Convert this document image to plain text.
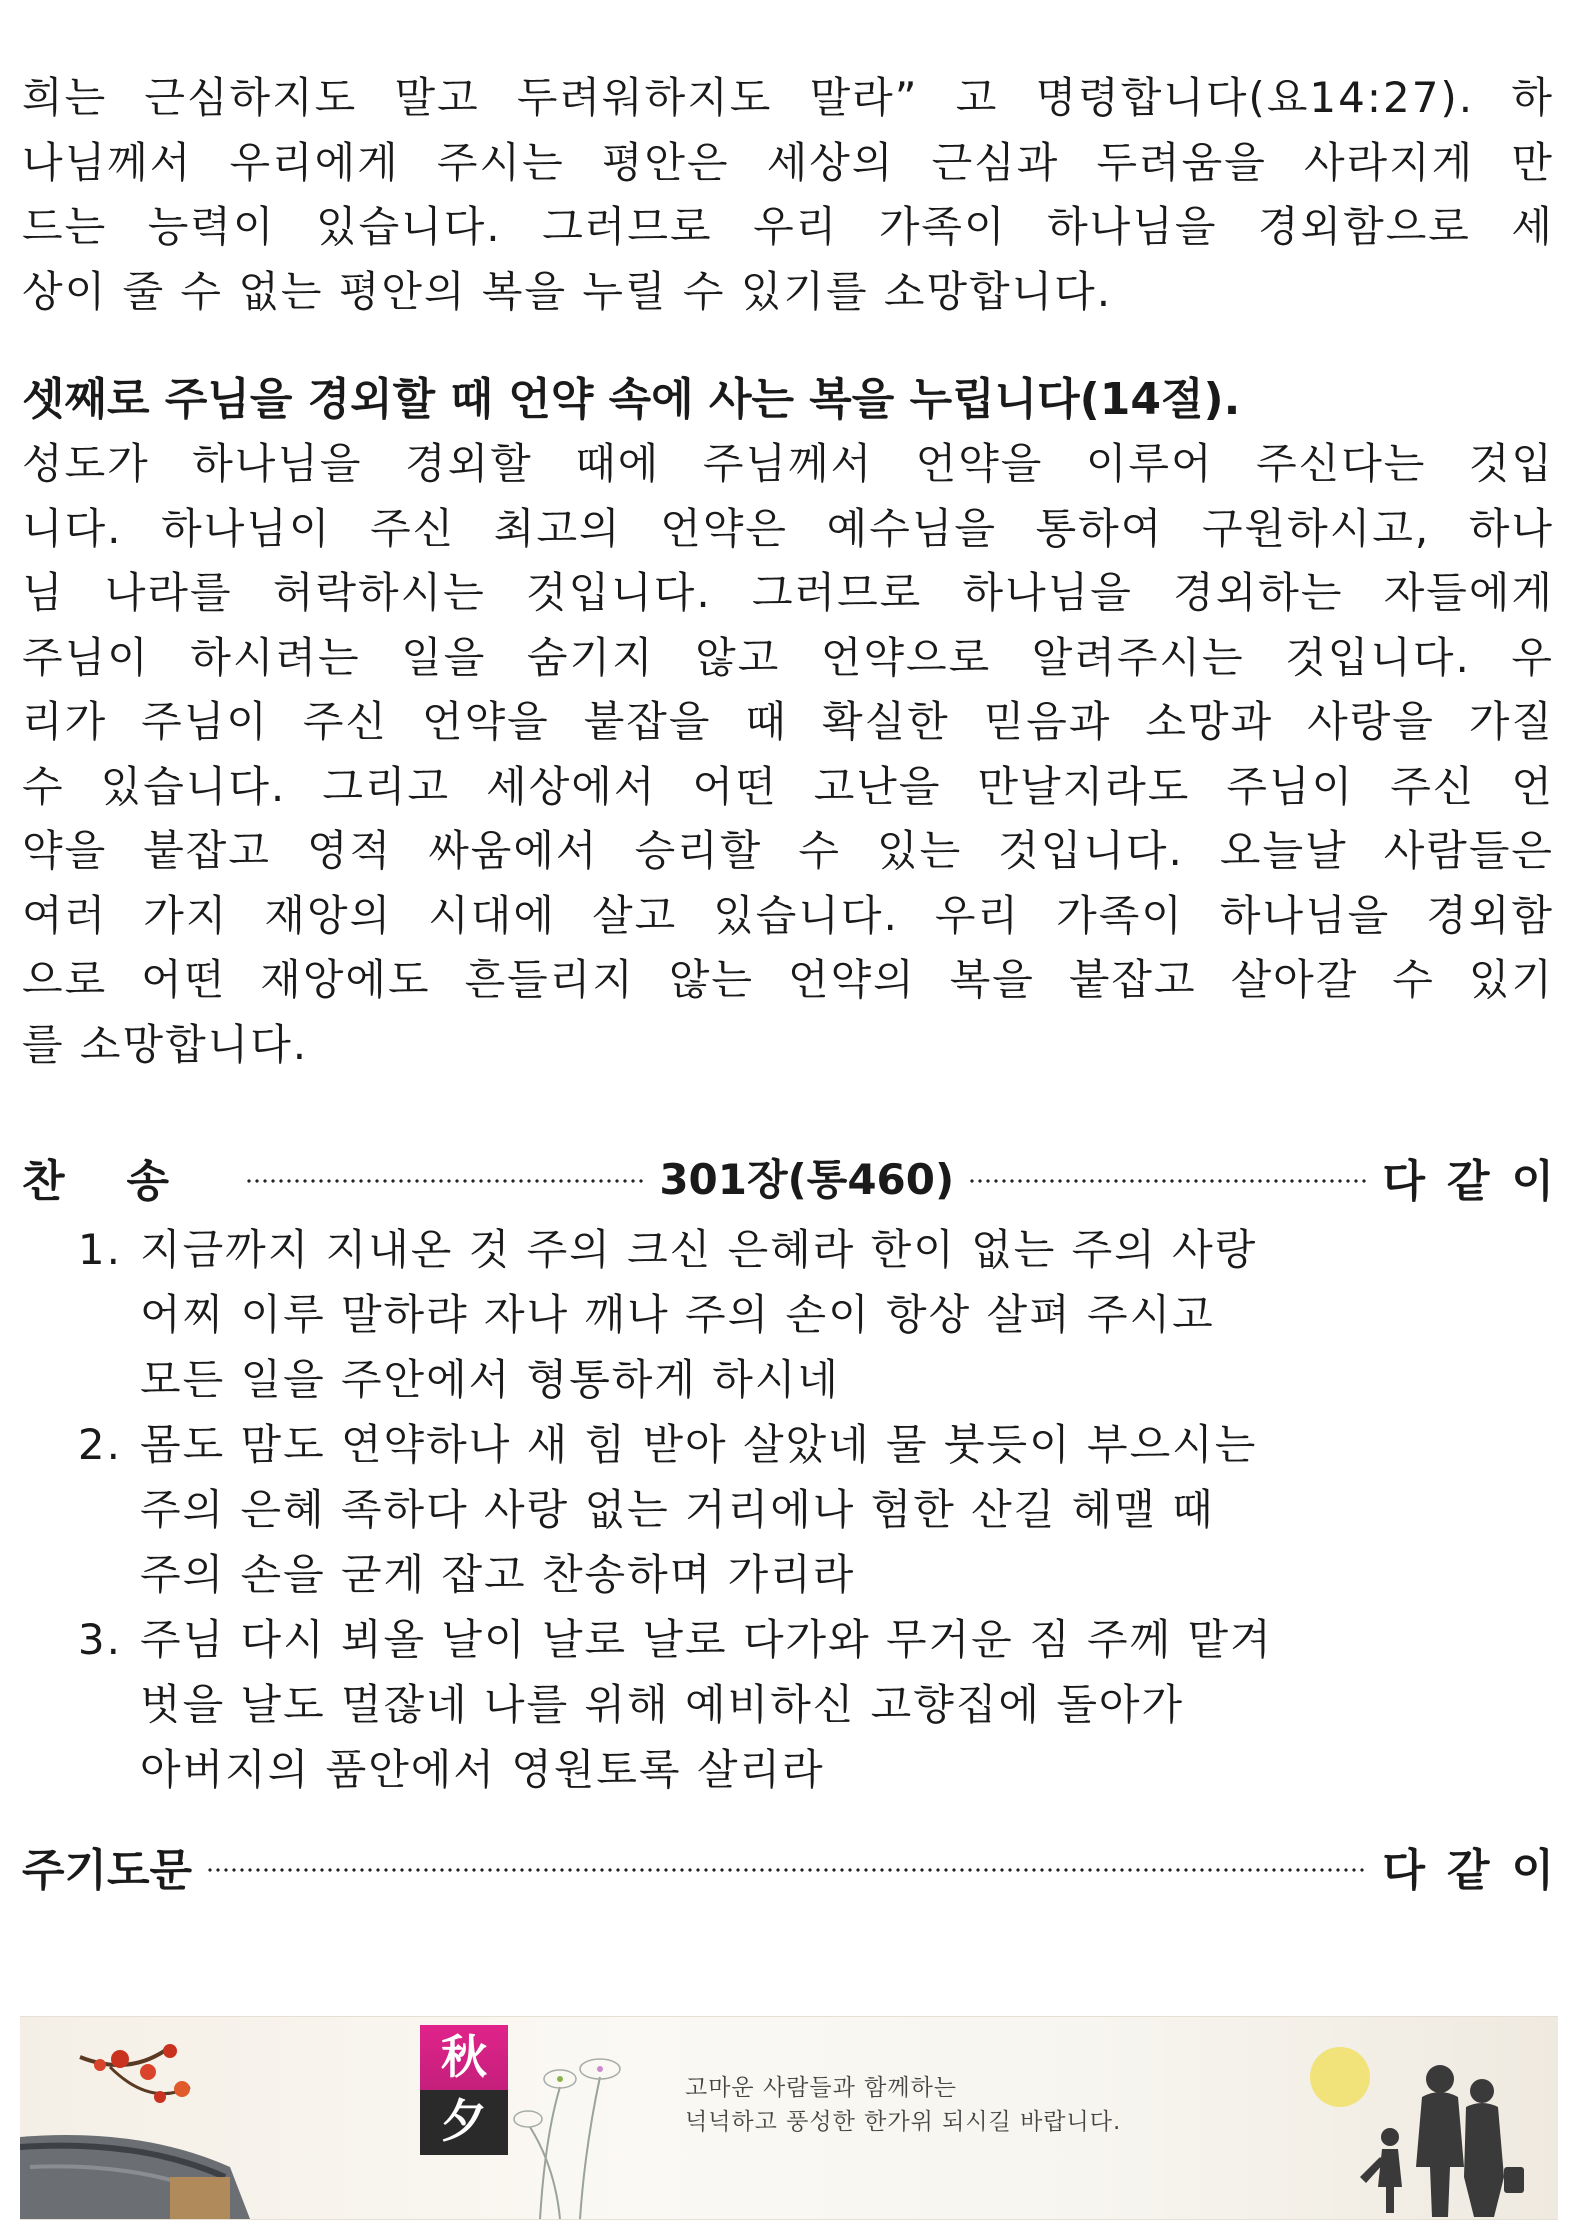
희는 근심하지도 말고 두려워하지도 말라” 고 명령합니다(요14:27). 하
나님께서 우리에게 주시는 평안은 세상의 근심과 두려움을 사라지게 만
드는 능력이 있습니다. 그러므로 우리 가족이 하나님을 경외함으로 세
상이 줄 수 없는 평안의 복을 누릴 수 있기를 소망합니다.
셋째로 주님을 경외할 때 언약 속에 사는 복을 누립니다(14절).
성도가 하나님을 경외할 때에 주님께서 언약을 이루어 주신다는 것입
니다. 하나님이 주신 최고의 언약은 예수님을 통하여 구원하시고, 하나
님 나라를 허락하시는 것입니다. 그러므로 하나님을 경외하는 자들에게
주님이 하시려는 일을 숨기지 않고 언약으로 알려주시는 것입니다. 우
리가 주님이 주신 언약을 붙잡을 때 확실한 믿음과 소망과 사랑을 가질
수 있습니다. 그리고 세상에서 어떤 고난을 만날지라도 주님이 주신 언
약을 붙잡고 영적 싸움에서 승리할 수 있는 것입니다. 오늘날 사람들은
여러 가지 재앙의 시대에 살고 있습니다. 우리 가족이 하나님을 경외함
으로 어떤 재앙에도 흔들리지 않는 언약의 복을 붙잡고 살아갈 수 있기
를 소망합니다.
찬송	301장(통460)	다같이
1. 지금까지 지내온 것 주의 크신 은혜라 한이 없는 주의 사랑
어찌 이루 말하랴 자나 깨나 주의 손이 항상 살펴 주시고
모든 일을 주안에서 형통하게 하시네
2. 몸도 맘도 연약하나 새 힘 받아 살았네 물 붓듯이 부으시는
주의 은혜 족하다 사랑 없는 거리에나 험한 산길 헤맬 때
주의 손을 굳게 잡고 찬송하며 가리라
3. 주님 다시 뵈올 날이 날로 날로 다가와 무거운 짐 주께 맡겨
벗을 날도 멀잖네 나를 위해 예비하신 고향집에 돌아가
아버지의 품안에서 영원토록 살리라
주기도문	다같이
秋
夕
고마운 사람들과 함께하는
넉넉하고 풍성한 한가위 되시길 바랍니다.
